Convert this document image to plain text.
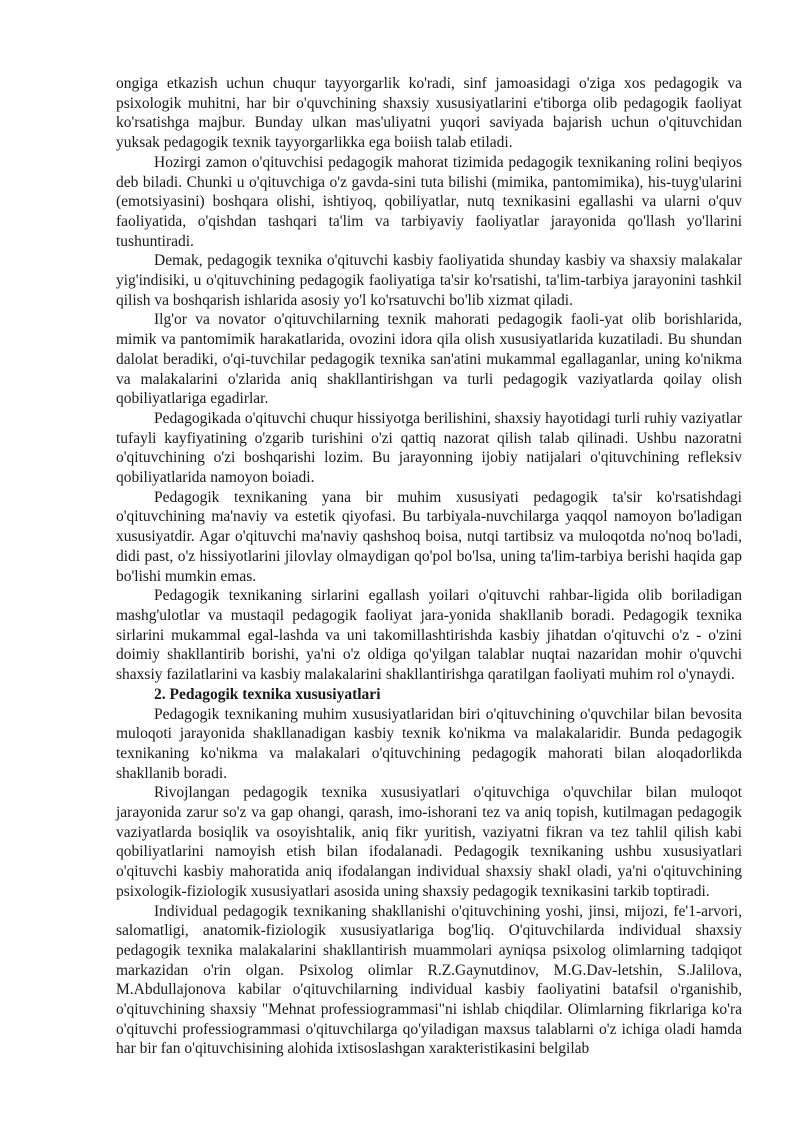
ongiga etkazish uchun chuqur tayyorgarlik ko'radi, sinf jamoasidagi o'ziga xos pedagogik va psixologik muhitni, har bir o'quvchining shaxsiy xususiyatlarini e'tiborga olib pedagogik faoliyat ko'rsatishga majbur. Bunday ulkan mas'uliyatni yuqori saviyada bajarish uchun o'qituvchidan yuksak pedagogik texnik tayyorgarlikka ega boiish talab etiladi.

Hozirgi zamon o'qituvchisi pedagogik mahorat tizimida pedagogik texnikaning rolini beqiyos deb biladi. Chunki u o'qituvchiga o'z gavda-sini tuta bilishi (mimika, pantomimika), his-tuyg'ularini (emotsiyasini) boshqara olishi, ishtiyoq, qobiliyatlar, nutq texnikasini egallashi va ularni o'quv faoliyatida, o'qishdan tashqari ta'lim va tarbiyaviy faoliyatlar jarayonida qo'llash yo'llarini tushuntiradi.

Demak, pedagogik texnika o'qituvchi kasbiy faoliyatida shunday kasbiy va shaxsiy malakalar yig'indisiki, u o'qituvchining pedagogik faoliyatiga ta'sir ko'rsatishi, ta'lim-tarbiya jarayonini tashkil qilish va boshqarish ishlarida asosiy yo'l ko'rsatuvchi bo'lib xizmat qiladi.

Ilg'or va novator o'qituvchilarning texnik mahorati pedagogik faoli-yat olib borishlarida, mimik va pantomimik harakatlarida, ovozini idora qila olish xususiyatlarida kuzatiladi. Bu shundan dalolat beradiki, o'qi-tuvchilar pedagogik texnika san'atini mukammal egallaganlar, uning ko'nikma va malakalarini o'zlarida aniq shakllantirishgan va turli pedagogik vaziyatlarda qoilay olish qobiliyatlariga egadirlar.

Pedagogikada o'qituvchi chuqur hissiyotga berilishini, shaxsiy hayotidagi turli ruhiy vaziyatlar tufayli kayfiyatining o'zgarib turishini o'zi qattiq nazorat qilish talab qilinadi. Ushbu nazoratni o'qituvchining o'zi boshqarishi lozim. Bu jarayonning ijobiy natijalari o'qituvchining refleksiv qobiliyatlarida namoyon boiadi.

Pedagogik texnikaning yana bir muhim xususiyati pedagogik ta'sir ko'rsatishdagi o'qituvchining ma'naviy va estetik qiyofasi. Bu tarbiyala-nuvchilarga yaqqol namoyon bo'ladigan xususiyatdir. Agar o'qituvchi ma'naviy qashshoq boisa, nutqi tartibsiz va muloqotda no'noq bo'ladi, didi past, o'z hissiyotlarini jilovlay olmaydigan qo'pol bo'lsa, uning ta'lim-tarbiya berishi haqida gap bo'lishi mumkin emas.

Pedagogik texnikaning sirlarini egallash yoilari o'qituvchi rahbar-ligida olib boriladigan mashg'ulotlar va mustaqil pedagogik faoliyat jara-yonida shakllanib boradi. Pedagogik texnika sirlarini mukammal egal-lashda va uni takomillashtirishda kasbiy jihatdan o'qituvchi o'z - o'zini doimiy shakllantirib borishi, ya'ni o'z oldiga qo'yilgan talablar nuqtai nazaridan mohir o'quvchi shaxsiy fazilatlarini va kasbiy malakalarini shakllantirishga qaratilgan faoliyati muhim rol o'ynaydi.

2. Pedagogik texnika xususiyatlari

Pedagogik texnikaning muhim xususiyatlaridan biri o'qituvchining o'quvchilar bilan bevosita muloqoti jarayonida shakllanadigan kasbiy texnik ko'nikma va malakalaridir. Bunda pedagogik texnikaning ko'nikma va malakalari o'qituvchining pedagogik mahorati bilan aloqadorlikda shakllanib boradi.

Rivojlangan pedagogik texnika xususiyatlari o'qituvchiga o'quvchilar bilan muloqot jarayonida zarur so'z va gap ohangi, qarash, imo-ishorani tez va aniq topish, kutilmagan pedagogik vaziyatlarda bosiqlik va osoyishtalik, aniq fikr yuritish, vaziyatni fikran va tez tahlil qilish kabi qobiliyatlarini namoyish etish bilan ifodalanadi. Pedagogik texnikaning ushbu xususiyatlari o'qituvchi kasbiy mahoratida aniq ifodalangan individual shaxsiy shakl oladi, ya'ni o'qituvchining psixologik-fiziologik xususiyatlari asosida uning shaxsiy pedagogik texnikasini tarkib toptiradi.

Individual pedagogik texnikaning shakllanishi o'qituvchining yoshi, jinsi, mijozi, fe'1-arvori, salomatligi, anatomik-fiziologik xususiyatlariga bog'liq. O'qituvchilarda individual shaxsiy pedagogik texnika malakalarini shakllantirish muammolari ayniqsa psixolog olimlarning tadqiqot markazidan o'rin olgan. Psixolog olimlar R.Z.Gaynutdinov, M.G.Dav-letshin, S.Jalilova, M.Abdullajonova kabilar o'qituvchilarning individual kasbiy faoliyatini batafsil o'rganishib, o'qituvchining shaxsiy "Mehnat professiogrammasi"ni ishlab chiqdilar. Olimlarning fikrlariga ko'ra o'qituvchi professiogrammasi o'qituvchilarga qo'yiladigan maxsus talablarni o'z ichiga oladi hamda har bir fan o'qituvchisining alohida ixtisoslashgan xarakteristikasini belgilab
